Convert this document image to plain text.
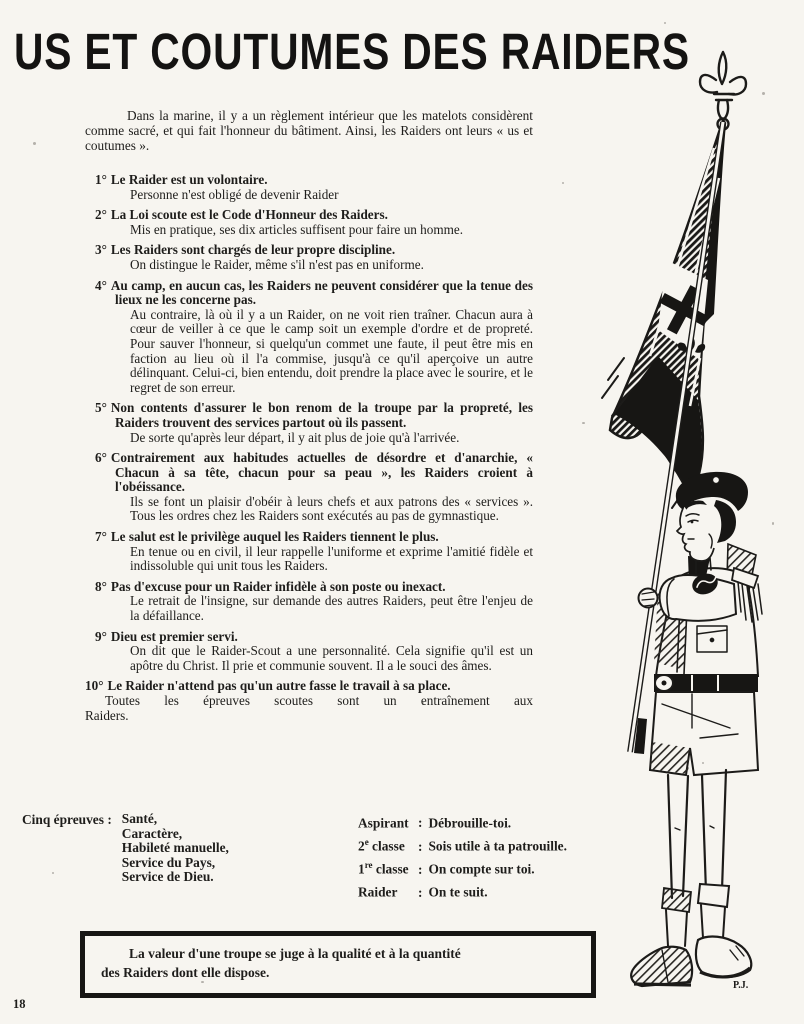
US ET COUTUMES DES RAIDERS

Dans la marine, il y a un règlement intérieur que les matelots considèrent comme sacré, et qui fait l'honneur du bâtiment. Ainsi, les Raiders ont leurs « us et coutumes ».

1° Le Raider est un volontaire.
Personne n'est obligé de devenir Raider
2° La Loi scoute est le Code d'Honneur des Raiders.
Mis en pratique, ses dix articles suffisent pour faire un homme.
3° Les Raiders sont chargés de leur propre discipline.
On distingue le Raider, même s'il n'est pas en uniforme.
4° Au camp, en aucun cas, les Raiders ne peuvent considérer que la tenue des lieux ne les concerne pas.
Au contraire, là où il y a un Raider, on ne voit rien traîner. Chacun aura à cœur de veiller à ce que le camp soit un exemple d'ordre et de propreté. Pour sauver l'honneur, si quelqu'un commet une faute, il peut être mis en faction au lieu où il l'a commise, jusqu'à ce qu'il aperçoive un autre délinquant. Celui-ci, bien entendu, doit prendre la place avec le sourire, et le regret de son erreur.
5° Non contents d'assurer le bon renom de la troupe par la propreté, les Raiders trouvent des services partout où ils passent.
De sorte qu'après leur départ, il y ait plus de joie qu'à l'arrivée.
6° Contrairement aux habitudes actuelles de désordre et d'anarchie, « Chacun à sa tête, chacun pour sa peau », les Raiders croient à l'obéissance.
Ils se font un plaisir d'obéir à leurs chefs et aux patrons des « services ». Tous les ordres chez les Raiders sont exécutés au pas de gymnastique.
7° Le salut est le privilège auquel les Raiders tiennent le plus.
En tenue ou en civil, il leur rappelle l'uniforme et exprime l'amitié fidèle et indissoluble qui unit tous les Raiders.
8° Pas d'excuse pour un Raider infidèle à son poste ou inexact.
Le retrait de l'insigne, sur demande des autres Raiders, peut être l'enjeu de la défaillance.
9° Dieu est premier servi.
On dit que le Raider-Scout a une personnalité. Cela signifie qu'il est un apôtre du Christ. Il prie et communie souvent. Il a le souci des âmes.
10° Le Raider n'attend pas qu'un autre fasse le travail à sa place.
Toutes les épreuves scoutes sont un entraînement aux
Raiders.
Cinq épreuves : Santé,
Caractère,
Habileté manuelle,
Service du Pays,
Service de Dieu.
Aspirant : Débrouille-toi.
2e classe : Sois utile à ta patrouille.
1re classe : On compte sur toi.
Raider : On te suit.
La valeur d'une troupe se juge à la qualité et à la quantité
des Raiders dont elle dispose.
18
P.J.
